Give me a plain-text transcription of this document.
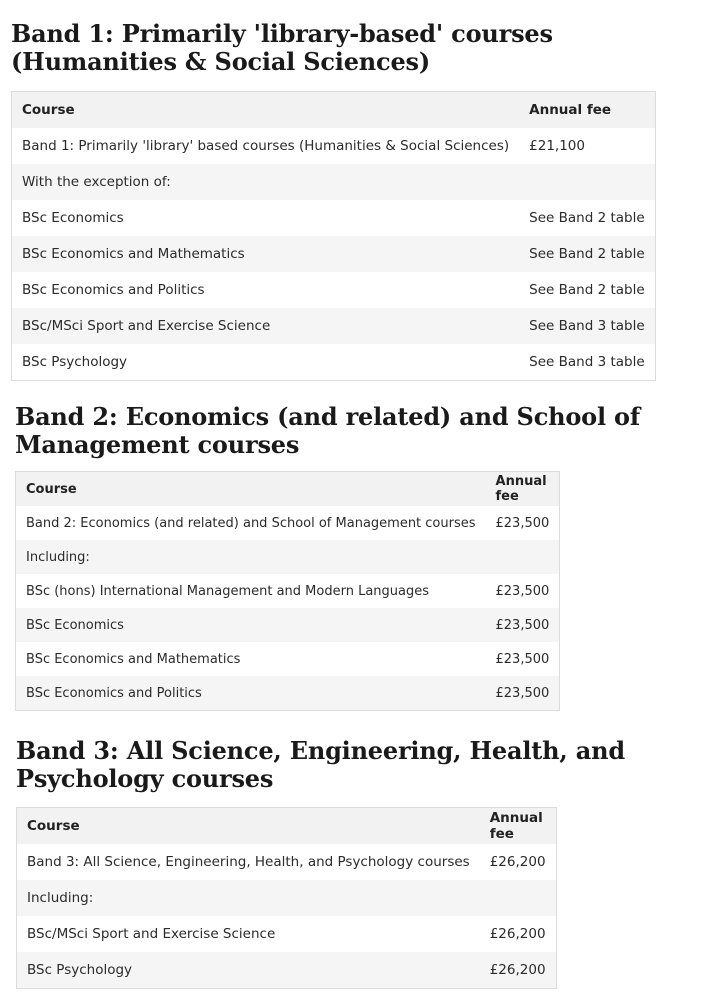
Band 1: Primarily 'library-based' courses (Humanities & Social Sciences)
Course	Annual fee
Band 1: Primarily 'library' based courses (Humanities & Social Sciences)	£21,100
With the exception of:	
BSc Economics	See Band 2 table
BSc Economics and Mathematics	See Band 2 table
BSc Economics and Politics	See Band 2 table
BSc/MSci Sport and Exercise Science	See Band 3 table
BSc Psychology	See Band 3 table
Band 2: Economics (and related) and School of Management courses
Course	Annual fee
Band 2: Economics (and related) and School of Management courses	£23,500
Including:	
BSc (hons) International Management and Modern Languages	£23,500
BSc Economics	£23,500
BSc Economics and Mathematics	£23,500
BSc Economics and Politics	£23,500
Band 3: All Science, Engineering, Health, and Psychology courses
Course	Annual fee
Band 3: All Science, Engineering, Health, and Psychology courses	£26,200
Including:	
BSc/MSci Sport and Exercise Science	£26,200
BSc Psychology	£26,200
